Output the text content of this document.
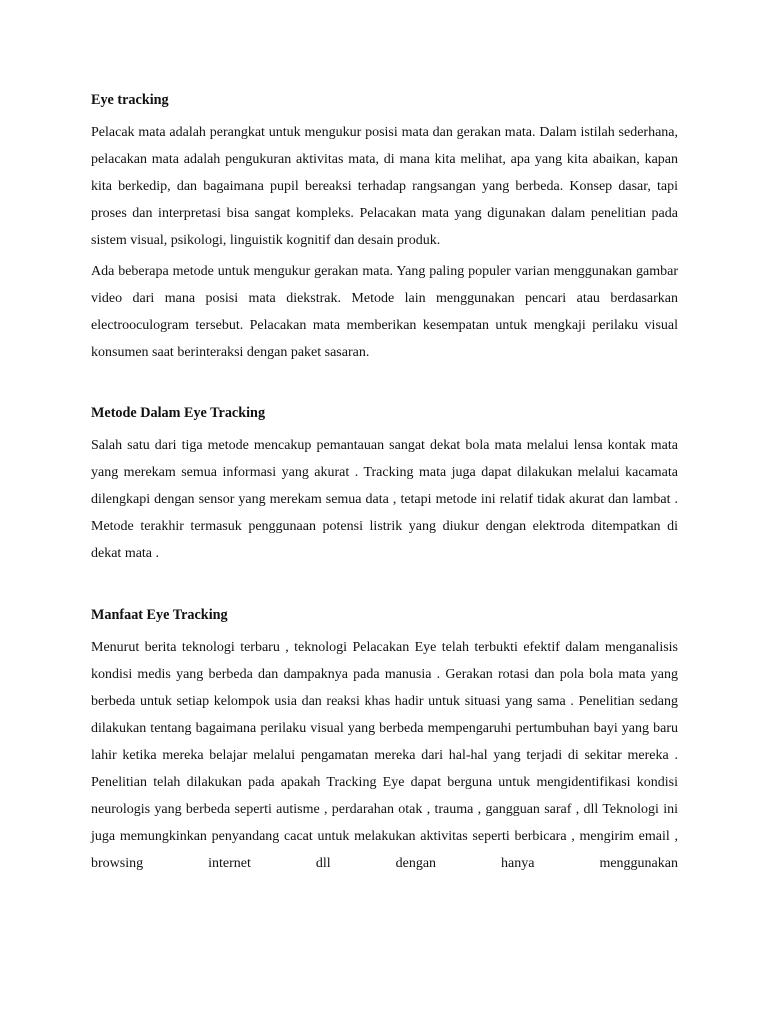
Eye tracking

Pelacak mata adalah perangkat untuk mengukur posisi mata dan gerakan mata. Dalam istilah sederhana, pelacakan mata adalah pengukuran aktivitas mata, di mana kita melihat, apa yang kita abaikan, kapan kita berkedip, dan bagaimana pupil bereaksi terhadap rangsangan yang berbeda. Konsep dasar, tapi proses dan interpretasi bisa sangat kompleks. Pelacakan mata yang digunakan dalam penelitian pada sistem visual, psikologi, linguistik kognitif dan desain produk.

Ada beberapa metode untuk mengukur gerakan mata. Yang paling populer varian menggunakan gambar video dari mana posisi mata diekstrak. Metode lain menggunakan pencari atau berdasarkan electrooculogram tersebut. Pelacakan mata memberikan kesempatan untuk mengkaji perilaku visual konsumen saat berinteraksi dengan paket sasaran.

Metode Dalam Eye Tracking

Salah satu dari tiga metode mencakup pemantauan sangat dekat bola mata melalui lensa kontak mata yang merekam semua informasi yang akurat . Tracking mata juga dapat dilakukan melalui kacamata dilengkapi dengan sensor yang merekam semua data , tetapi metode ini relatif tidak akurat dan lambat . Metode terakhir termasuk penggunaan potensi listrik yang diukur dengan elektroda ditempatkan di dekat mata .

Manfaat Eye Tracking

Menurut berita teknologi terbaru , teknologi Pelacakan Eye telah terbukti efektif dalam menganalisis kondisi medis yang berbeda dan dampaknya pada manusia . Gerakan rotasi dan pola bola mata yang berbeda untuk setiap kelompok usia dan reaksi khas hadir untuk situasi yang sama . Penelitian sedang dilakukan tentang bagaimana perilaku visual yang berbeda mempengaruhi pertumbuhan bayi yang baru lahir ketika mereka belajar melalui pengamatan mereka dari hal-hal yang terjadi di sekitar mereka . Penelitian telah dilakukan pada apakah Tracking Eye dapat berguna untuk mengidentifikasi kondisi neurologis yang berbeda seperti autisme , perdarahan otak , trauma , gangguan saraf , dll Teknologi ini juga memungkinkan penyandang cacat untuk melakukan aktivitas seperti berbicara , mengirim email , browsing internet dll dengan hanya menggunakan
